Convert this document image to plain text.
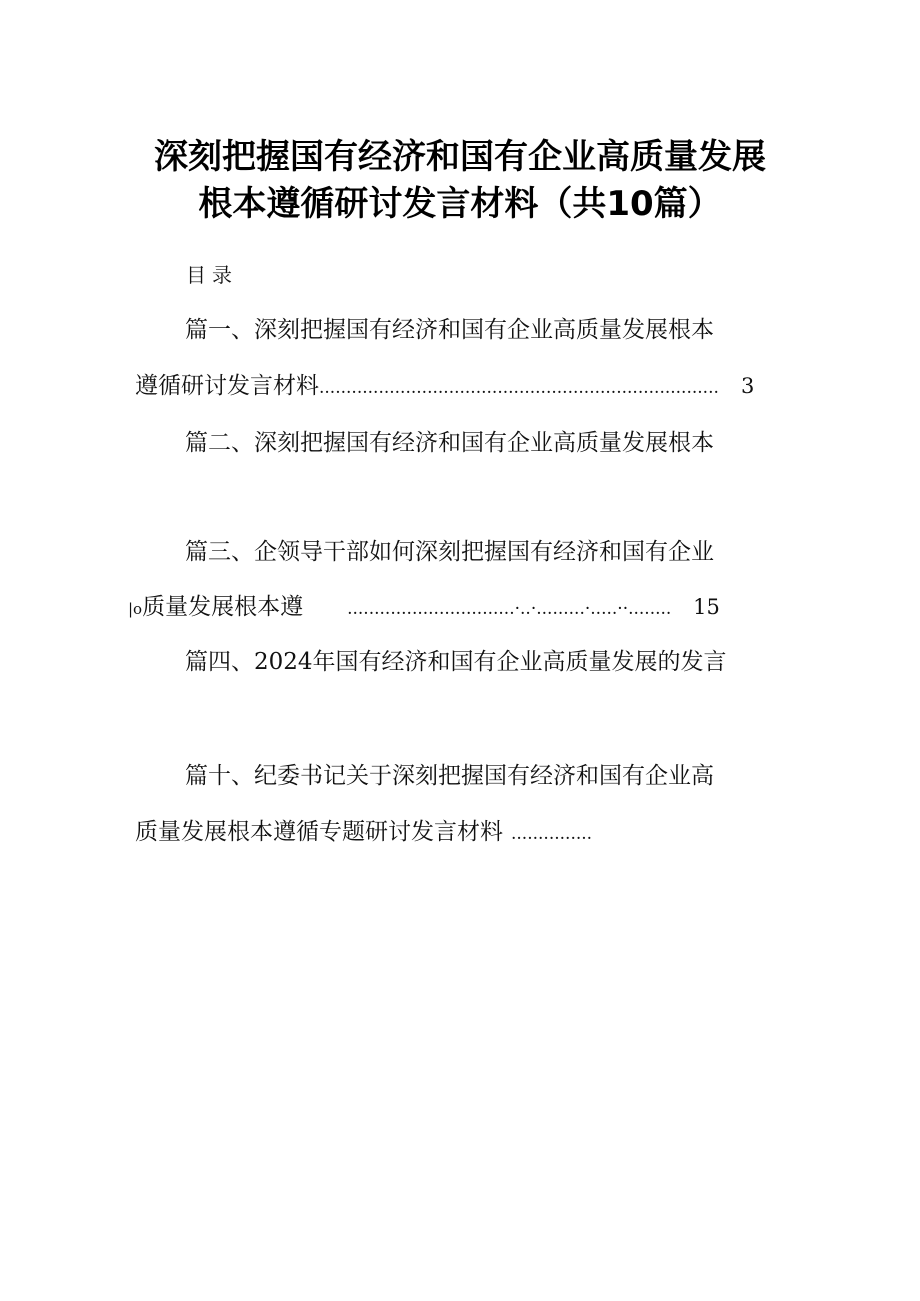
深刻把握国有经济和国有企业高质量发展
根本遵循研讨发言材料（共10篇）
目录
篇一、深刻把握国有经济和国有企业高质量发展根本
遵循研讨发言材料 ..........................................................................	3
篇二、深刻把握国有经济和国有企业高质量发展根本
篇三、企领导干部如何深刻把握国有经济和国有企业
|о 质量发展根本遵	...............................·..·.........·.....··........	15
篇四、2024年国有经济和国有企业高质量发展的发言
篇十、纪委书记关于深刻把握国有经济和国有企业高
质量发展根本遵循专题研讨发言材料 ...............
